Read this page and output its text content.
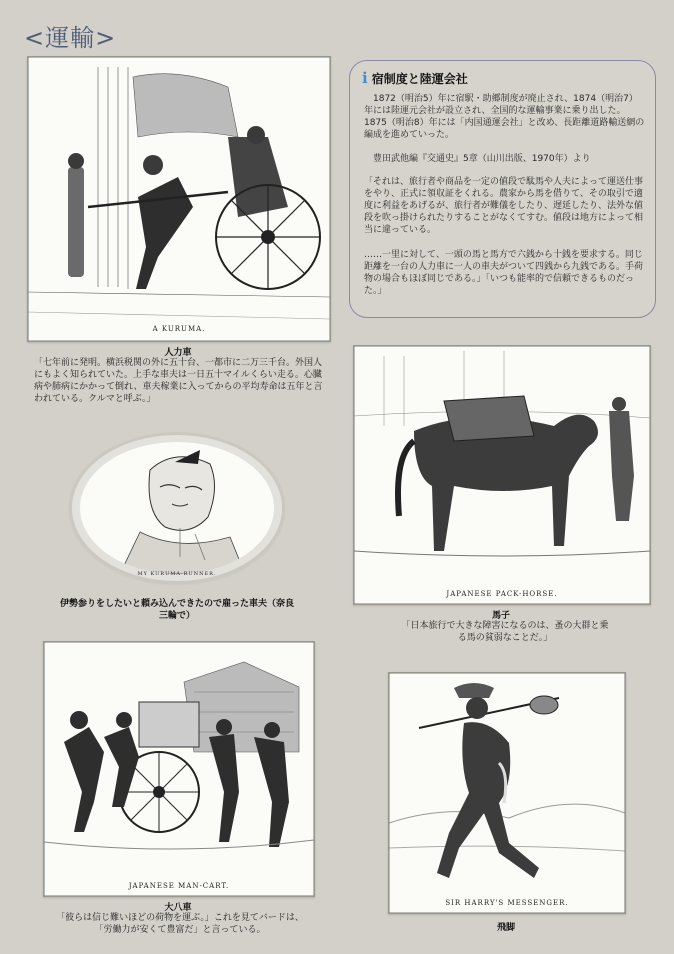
<運輸>
i 宿制度と陸運会社

　1872（明治5）年に宿駅・助郷制度が廃止され、1874（明治7）年には陸運元会社が設立され、全国的な運輸事業に乗り出した。1875（明治8）年には「内国通運会社」と改め、長距離道路輸送網の編成を進めていった。

　豊田武他編『交通史』5章（山川出版、1970年）より

「それは、旅行者や商品を一定の値段で駄馬や人夫によって運送仕事をやり、正式に領収証をくれる。農家から馬を借りて、その取引で適度に利益をあげるが、旅行者が難儀をしたり、遅延したり、法外な値段を吹っ掛けられたりすることがなくてすむ。値段は地方によって相当に違っている。

……一里に対して、一頭の馬と馬方で六銭から十銭を要求する。同じ距離を一台の人力車に一人の車夫がついて四銭から九銭である。手荷物の場合もほぼ同じである。」「いつも能率的で信頼できるものだった。」

A KURUMA.
人力車
「七年前に発明。横浜税関の外に五十台、一都市に二万三千台。外国人にもよく知られていた。上手な車夫は一日五十マイルくらい走る。心臓病や肺病にかかって倒れ、車夫稼業に入ってからの平均寿命は五年と言われている。クルマと呼ぶ。」
MY KURUMA-RUNNER.
伊勢参りをしたいと頼み込んできたので雇った車夫（奈良三輪で）
JAPANESE PACK-HORSE.
馬子
「日本旅行で大きな障害になるのは、蚤の大群と乗る馬の貧弱なことだ。」
JAPANESE MAN-CART.
大八車
「彼らは信じ難いほどの荷物を運ぶ。」これを見てバードは、「労働力が安くて豊富だ」と言っている。
SIR HARRY'S MESSENGER.
飛脚
